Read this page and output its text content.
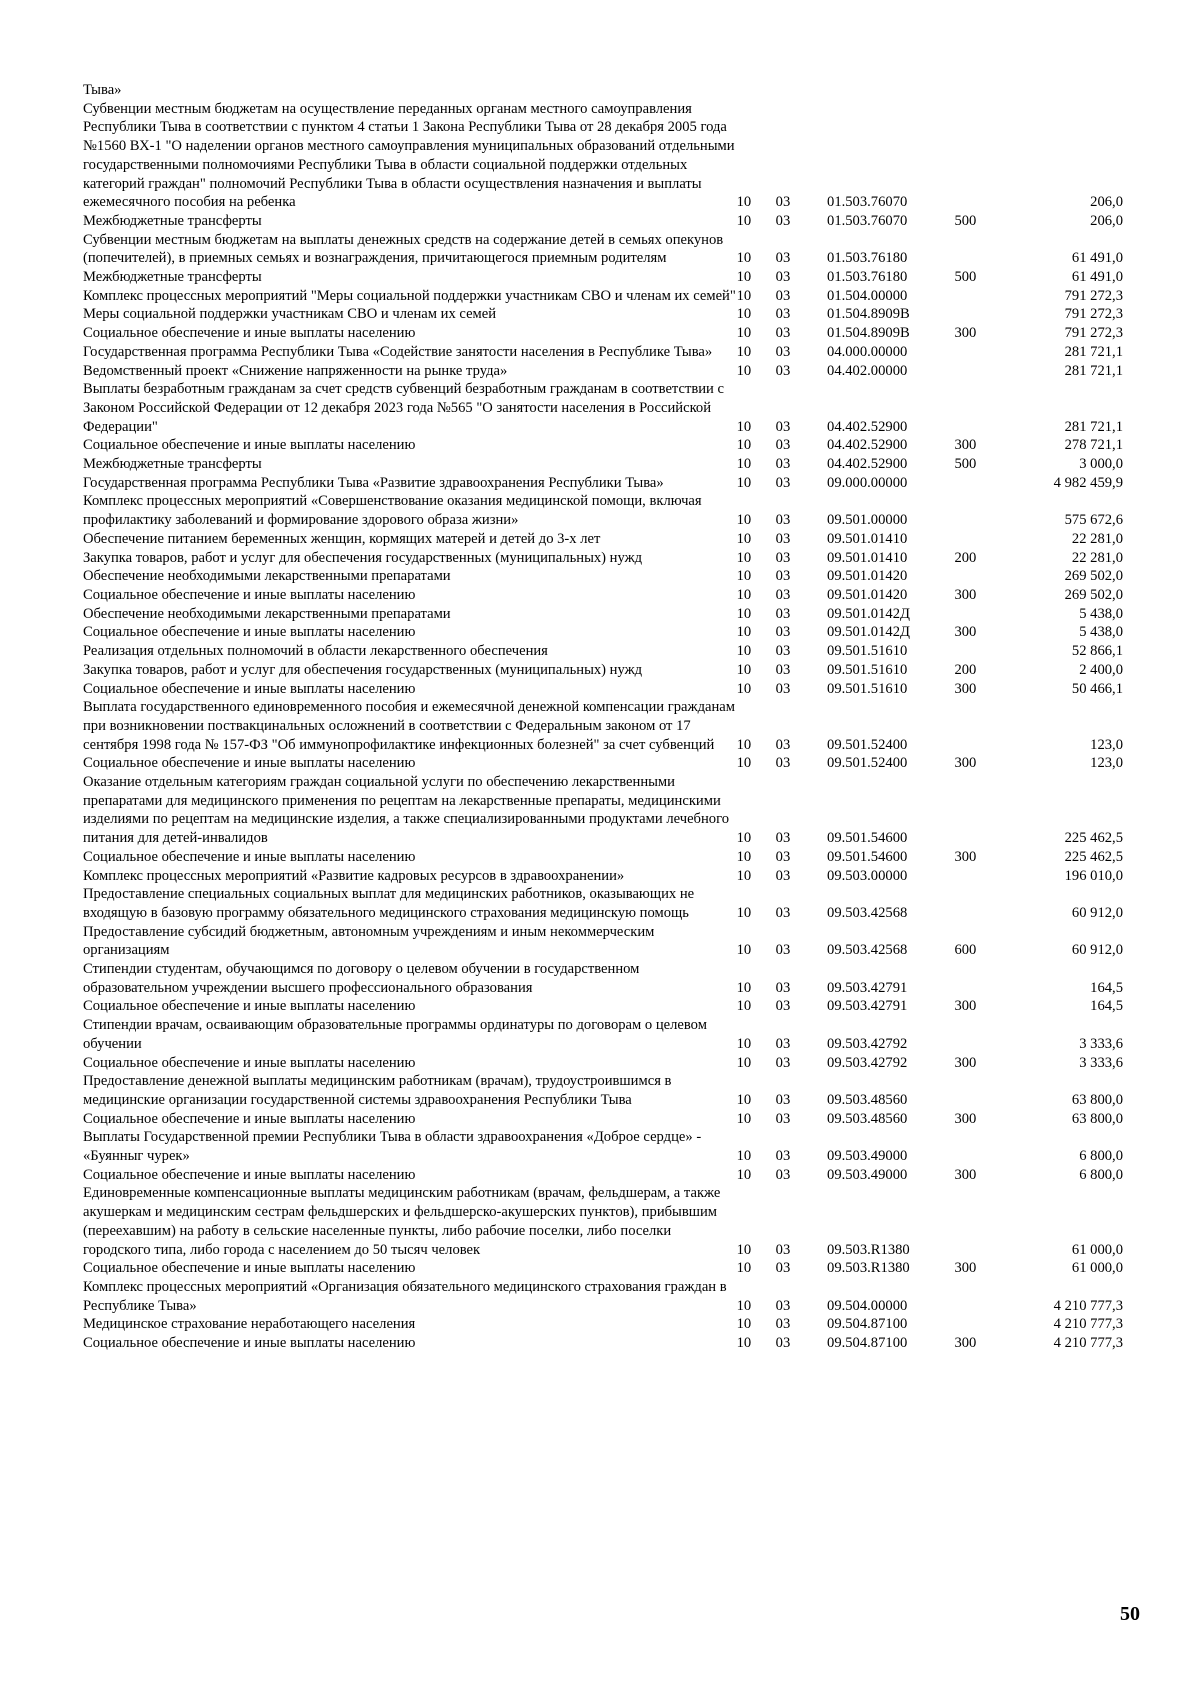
Тыва»					
Субвенции местным бюджетам на осуществление переданных органам местного самоуправления Республики Тыва в соответствии с пунктом 4 статьи 1 Закона Республики Тыва от 28 декабря 2005 года №1560 ВХ-1 "О наделении органов местного самоуправления муниципальных образований отдельными государственными полномочиями Республики Тыва в области социальной поддержки отдельных категорий граждан" полномочий Республики Тыва в области осуществления назначения и выплаты ежемесячного пособия на ребенка	10	03	01.503.76070		206,0
Межбюджетные трансферты	10	03	01.503.76070	500	206,0
Субвенции местным бюджетам на выплаты денежных средств на содержание детей в семьях опекунов (попечителей), в приемных семьях и вознаграждения, причитающегося приемным родителям	10	03	01.503.76180		61 491,0
Межбюджетные трансферты	10	03	01.503.76180	500	61 491,0
Комплекс процессных мероприятий "Меры социальной поддержки участникам СВО и членам их семей"	10	03	01.504.00000		791 272,3
Меры социальной поддержки участникам СВО и членам их семей	10	03	01.504.8909В		791 272,3
Социальное обеспечение и иные выплаты населению	10	03	01.504.8909В	300	791 272,3
Государственная программа Республики Тыва «Содействие занятости населения в Республике Тыва»	10	03	04.000.00000		281 721,1
Ведомственный проект «Снижение напряженности на рынке труда»	10	03	04.402.00000		281 721,1
Выплаты безработным гражданам за счет средств субвенций безработным гражданам в соответствии с Законом Российской Федерации от 12 декабря 2023 года №565 "О занятости населения в Российской Федерации"	10	03	04.402.52900		281 721,1
Социальное обеспечение и иные выплаты населению	10	03	04.402.52900	300	278 721,1
Межбюджетные трансферты	10	03	04.402.52900	500	3 000,0
Государственная программа Республики Тыва «Развитие здравоохранения Республики Тыва»	10	03	09.000.00000		4 982 459,9
Комплекс процессных мероприятий «Совершенствование оказания медицинской помощи, включая профилактику заболеваний и формирование здорового образа жизни»	10	03	09.501.00000		575 672,6
Обеспечение питанием беременных женщин, кормящих матерей и детей до 3-х лет	10	03	09.501.01410		22 281,0
Закупка товаров, работ и услуг для обеспечения государственных (муниципальных) нужд	10	03	09.501.01410	200	22 281,0
Обеспечение необходимыми лекарственными препаратами	10	03	09.501.01420		269 502,0
Социальное обеспечение и иные выплаты населению	10	03	09.501.01420	300	269 502,0
Обеспечение необходимыми лекарственными препаратами	10	03	09.501.0142Д		5 438,0
Социальное обеспечение и иные выплаты населению	10	03	09.501.0142Д	300	5 438,0
Реализация отдельных полномочий в области лекарственного обеспечения	10	03	09.501.51610		52 866,1
Закупка товаров, работ и услуг для обеспечения государственных (муниципальных) нужд	10	03	09.501.51610	200	2 400,0
Социальное обеспечение и иные выплаты населению	10	03	09.501.51610	300	50 466,1
Выплата государственного единовременного пособия и ежемесячной денежной компенсации гражданам при возникновении поствакцинальных осложнений в соответствии с Федеральным законом от 17 сентября 1998 года № 157-ФЗ "Об иммунопрофилактике инфекционных болезней" за счет субвенций	10	03	09.501.52400		123,0
Социальное обеспечение и иные выплаты населению	10	03	09.501.52400	300	123,0
Оказание отдельным категориям граждан социальной услуги по обеспечению лекарственными препаратами для медицинского применения по рецептам на лекарственные препараты, медицинскими изделиями по рецептам на медицинские изделия, а также специализированными продуктами лечебного питания для детей-инвалидов	10	03	09.501.54600		225 462,5
Социальное обеспечение и иные выплаты населению	10	03	09.501.54600	300	225 462,5
Комплекс процессных мероприятий «Развитие кадровых ресурсов в здравоохранении»	10	03	09.503.00000		196 010,0
Предоставление специальных социальных выплат для медицинских работников, оказывающих не входящую в базовую программу обязательного медицинского страхования медицинскую помощь	10	03	09.503.42568		60 912,0
Предоставление субсидий бюджетным, автономным учреждениям и иным некоммерческим организациям	10	03	09.503.42568	600	60 912,0
Стипендии студентам, обучающимся по договору о целевом обучении в государственном образовательном учреждении высшего профессионального образования	10	03	09.503.42791		164,5
Социальное обеспечение и иные выплаты населению	10	03	09.503.42791	300	164,5
Стипендии врачам, осваивающим образовательные программы ординатуры по договорам о целевом обучении	10	03	09.503.42792		3 333,6
Социальное обеспечение и иные выплаты населению	10	03	09.503.42792	300	3 333,6
Предоставление денежной выплаты медицинским работникам (врачам), трудоустроившимся в медицинские организации государственной системы здравоохранения Республики Тыва	10	03	09.503.48560		63 800,0
Социальное обеспечение и иные выплаты населению	10	03	09.503.48560	300	63 800,0
Выплаты Государственной премии Республики Тыва в области здравоохранения «Доброе сердце» - «Буянныг чурек»	10	03	09.503.49000		6 800,0
Социальное обеспечение и иные выплаты населению	10	03	09.503.49000	300	6 800,0
Единовременные компенсационные выплаты медицинским работникам (врачам, фельдшерам, а также акушеркам и медицинским сестрам фельдшерских и фельдшерско-акушерских пунктов), прибывшим (переехавшим) на работу в сельские населенные пункты, либо рабочие поселки, либо поселки городского типа, либо города с населением до 50 тысяч человек	10	03	09.503.R1380		61 000,0
Социальное обеспечение и иные выплаты населению	10	03	09.503.R1380	300	61 000,0
Комплекс процессных мероприятий «Организация обязательного медицинского страхования граждан в Республике Тыва»	10	03	09.504.00000		4 210 777,3
Медицинское страхование неработающего населения	10	03	09.504.87100		4 210 777,3
Социальное обеспечение и иные выплаты населению	10	03	09.504.87100	300	4 210 777,3
50
